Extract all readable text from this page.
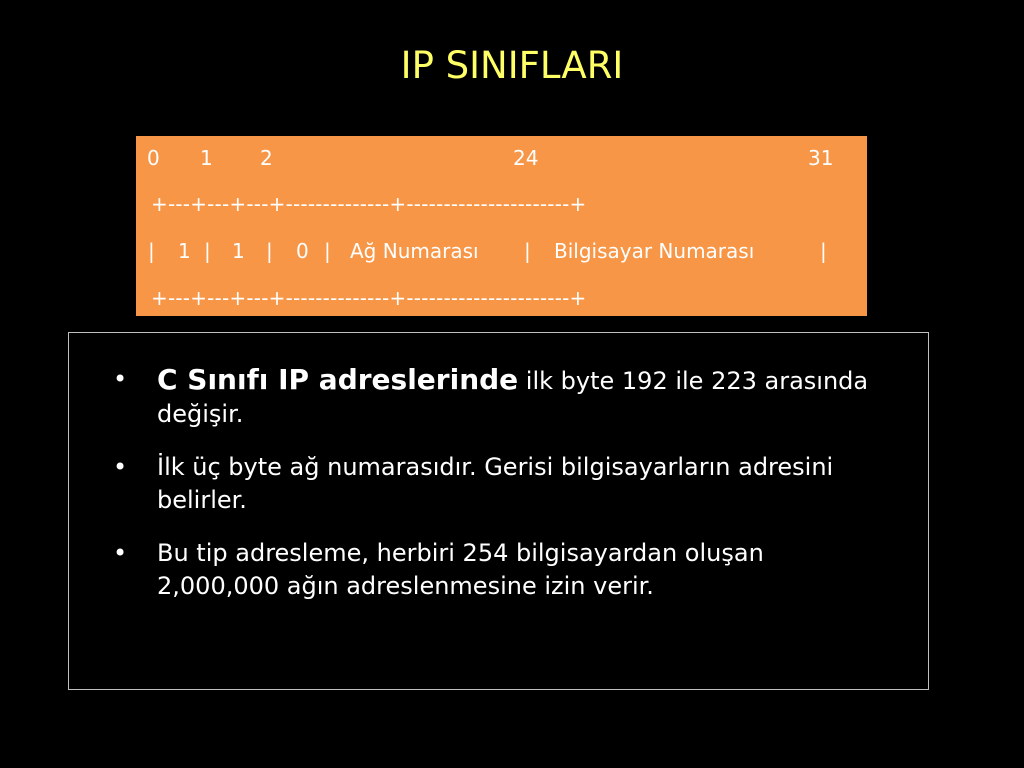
IP SINIFLARI
0 1 2	24	31
+---+---+---+--------------+----------------------+
| 1 | 1 | 0 | Ağ Numarası | Bilgisayar Numarası	|
+---+---+---+--------------+----------------------+
• C Sınıfı IP adreslerinde ilk byte 192 ile 223 arasında değişir.
• İlk üç byte ağ numarasıdır. Gerisi bilgisayarların adresini belirler.
• Bu tip adresleme, herbiri 254 bilgisayardan oluşan 2,000,000 ağın adreslenmesine izin verir.
